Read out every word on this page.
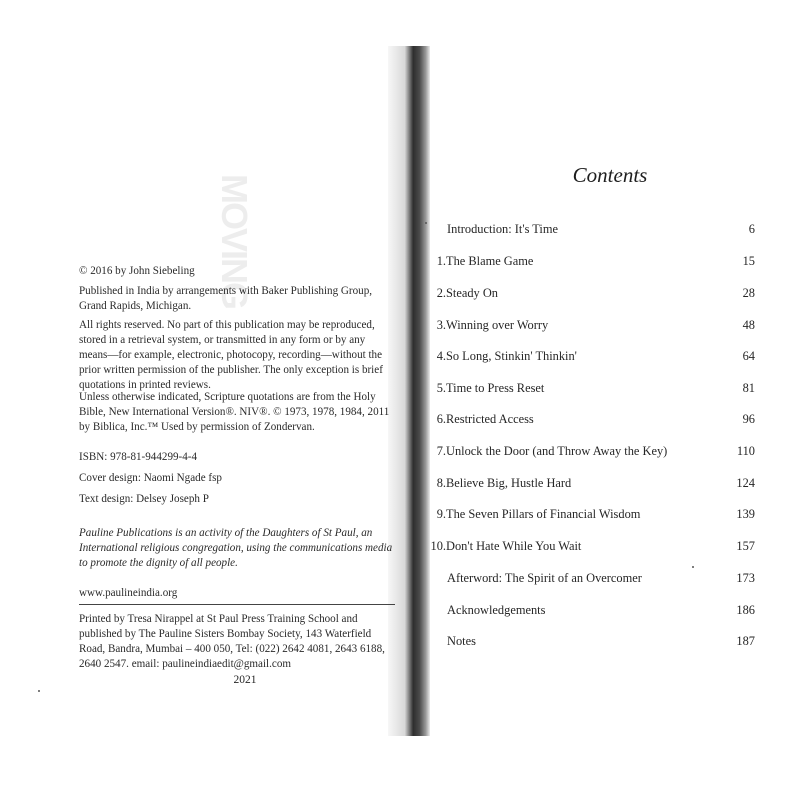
MOVING

© 2016 by John Siebeling

Published in India by arrangements with Baker Publishing Group, Grand Rapids, Michigan.

All rights reserved. No part of this publication may be reproduced, stored in a retrieval system, or transmitted in any form or by any means—for example, electronic, photocopy, recording—without the prior written permission of the publisher. The only exception is brief quotations in printed reviews.

Unless otherwise indicated, Scripture quotations are from the Holy Bible, New International Version®. NIV®. © 1973, 1978, 1984, 2011 by Biblica, Inc.™ Used by permission of Zondervan.

ISBN: 978-81-944299-4-4

Cover design: Naomi Ngade fsp

Text design: Delsey Joseph P

Pauline Publications is an activity of the Daughters of St Paul, an International religious congregation, using the communications media to promote the dignity of all people.

www.paulineindia.org

Printed by Tresa Nirappel at St Paul Press Training School and published by The Pauline Sisters Bombay Society, 143 Waterfield Road, Bandra, Mumbai – 400 050, Tel: (022) 2642 4081, 2643 6188, 2640 2547. email: paulineindiaedit@gmail.com

2021
Contents
Introduction: It's Time	6
1. The Blame Game	15
2. Steady On	28
3. Winning over Worry	48
4. So Long, Stinkin' Thinkin'	64
5. Time to Press Reset	81
6. Restricted Access	96
7. Unlock the Door (and Throw Away the Key)	110
8. Believe Big, Hustle Hard	124
9. The Seven Pillars of Financial Wisdom	139
10. Don't Hate While You Wait	157
Afterword: The Spirit of an Overcomer	173
Acknowledgements	186
Notes	187
